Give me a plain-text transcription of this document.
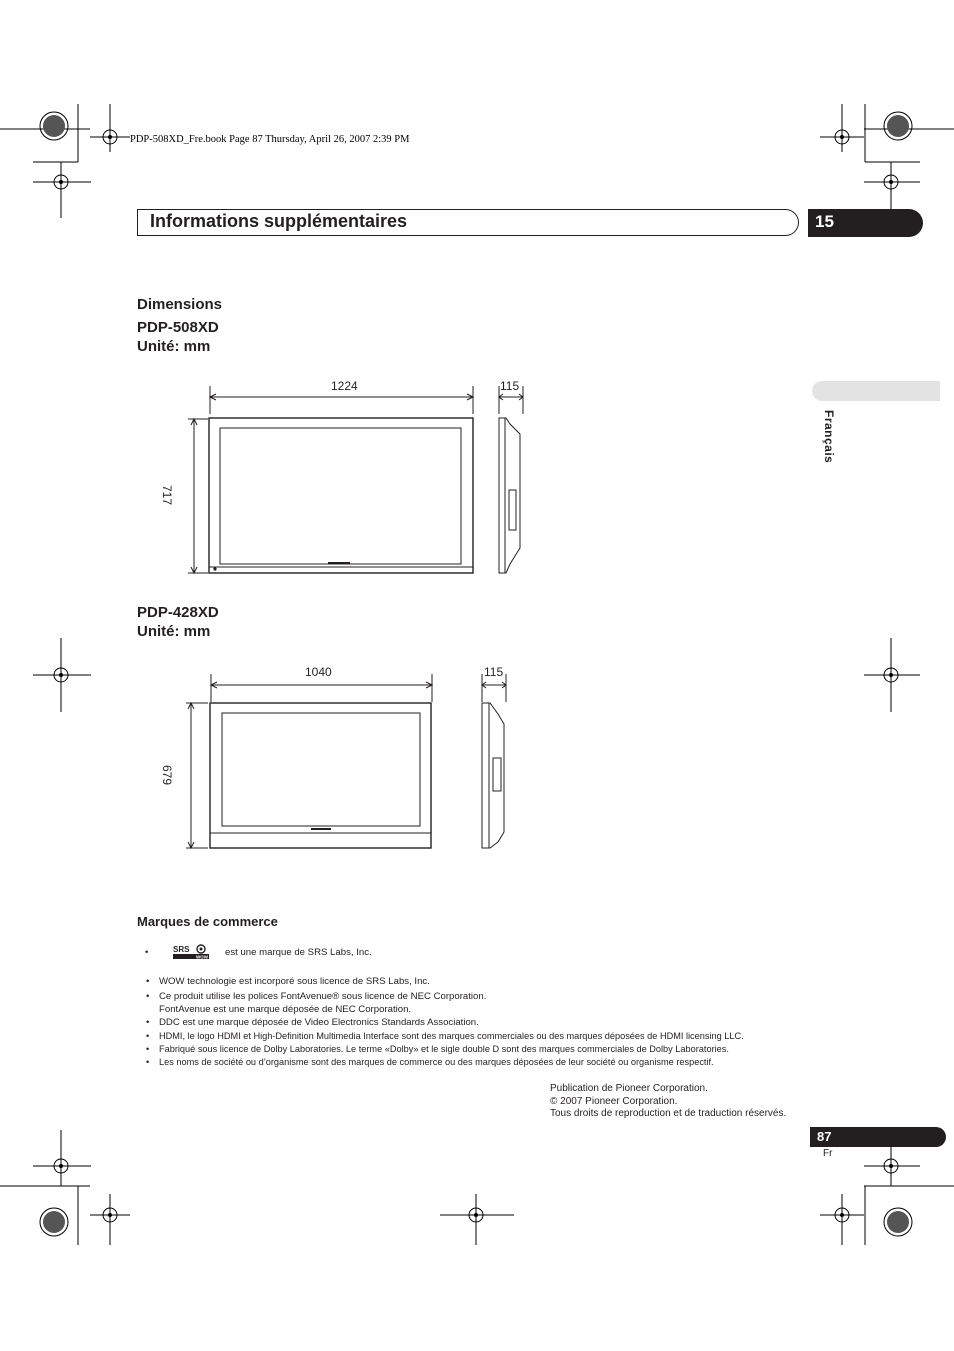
PDP-508XD_Fre.book Page 87 Thursday, April 26, 2007 2:39 PM
Informations supplémentaires	15
Français
Dimensions
PDP-508XD
Unité: mm
1224	115
717
PDP-428XD
Unité: mm
1040	115
679
Marques de commerce
SRS
WOW
•	est une marque de SRS Labs, Inc.
• WOW technologie est incorporé sous licence de SRS Labs, Inc.
• Ce produit utilise les polices FontAvenue® sous licence de NEC Corporation.
FontAvenue est une marque déposée de NEC Corporation.
• DDC est une marque déposée de Video Electronics Standards Association.
• HDMI, le logo HDMI et High-Definition Multimedia Interface sont des marques commerciales ou des marques déposées de HDMI licensing LLC.
• Fabriqué sous licence de Dolby Laboratories. Le terme «Dolby» et le sigle double D sont des marques commerciales de Dolby Laboratories.
• Les noms de société ou d’organisme sont des marques de commerce ou des marques déposées de leur société ou organisme respectif.
Publication de Pioneer Corporation.
© 2007 Pioneer Corporation.
Tous droits de reproduction et de traduction réservés.
87
Fr
